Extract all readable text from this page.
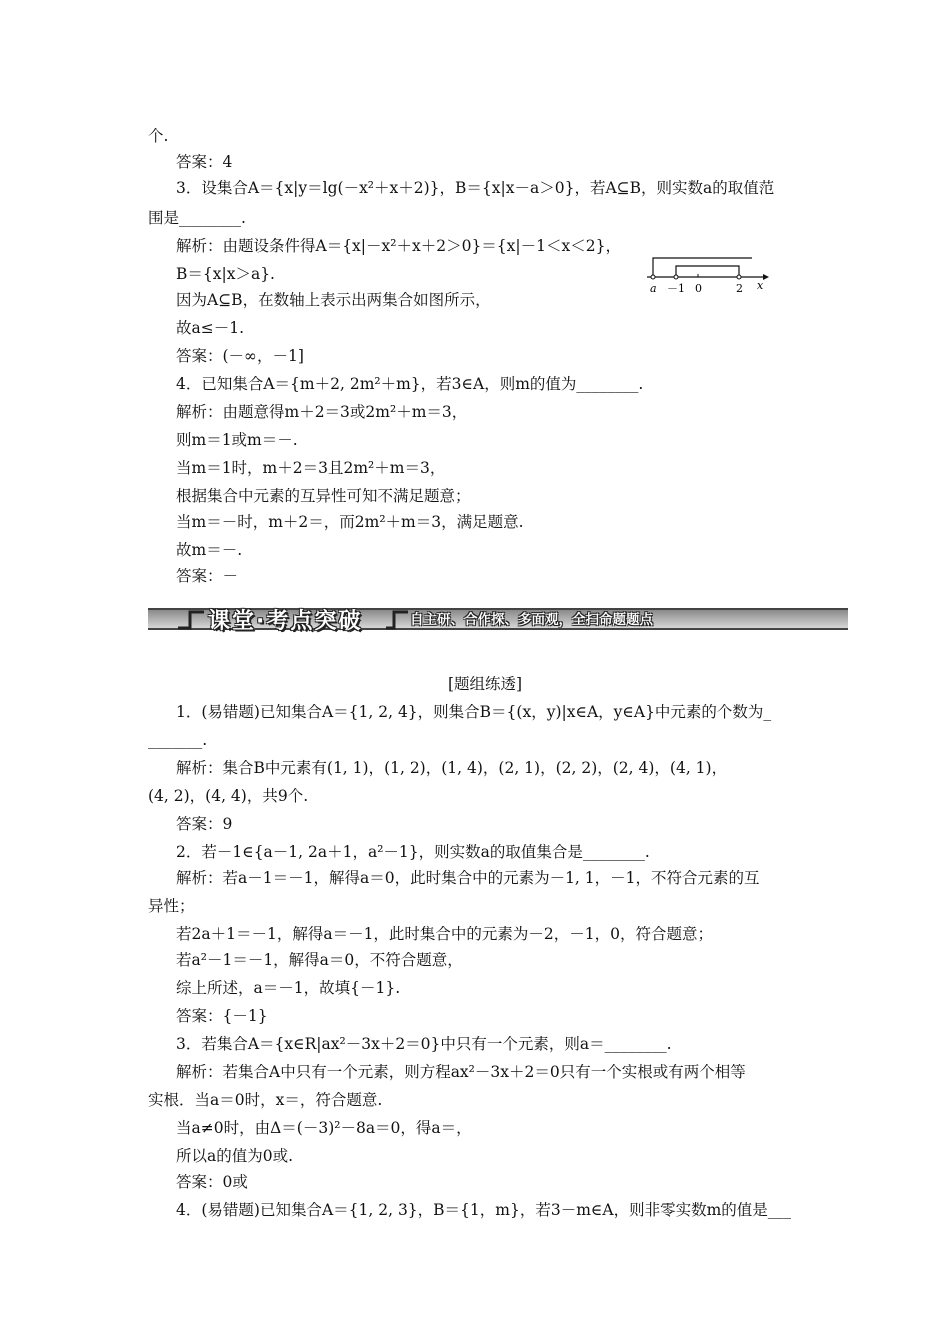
个.
答案：4
3．设集合A＝{x|y＝lg(－x²＋x＋2)}，B＝{x|x－a＞0}，若A⊆B，则实数a的取值范
围是________.
解析：由题设条件得A＝{x|－x²＋x＋2＞0}＝{x|－1＜x＜2}，
B＝{x|x＞a}.
因为A⊆B，在数轴上表示出两集合如图所示，
故a≤－1.
答案：(－∞，－1]
4．已知集合A＝{m＋2, 2m²＋m}，若3∈A，则m的值为________.
解析：由题意得m＋2＝3或2m²＋m＝3，
则m＝1或m＝－.
当m＝1时，m＋2＝3且2m²＋m＝3，
根据集合中元素的互异性可知不满足题意；
当m＝－时，m＋2＝，而2m²＋m＝3，满足题意.
故m＝－.
答案：－
a －1 0	2 x
课堂·考点突破	自主研、合作探、多面观，全扫命题题点
[题组练透]
1．(易错题)已知集合A＝{1, 2, 4}，则集合B＝{(x，y)|x∈A，y∈A}中元素的个数为_
_______.
解析：集合B中元素有(1, 1)，(1, 2)，(1, 4)，(2, 1)，(2, 2)，(2, 4)，(4, 1)，
(4, 2)，(4, 4)，共9个.
答案：9
2．若－1∈{a－1, 2a＋1，a²－1}，则实数a的取值集合是________.
解析：若a－1＝－1，解得a＝0，此时集合中的元素为－1, 1，－1，不符合元素的互
异性；
若2a＋1＝－1，解得a＝－1，此时集合中的元素为－2，－1，0，符合题意；
若a²－1＝－1，解得a＝0，不符合题意，
综上所述，a＝－1，故填{－1}.
答案：{－1}
3．若集合A＝{x∈R|ax²－3x＋2＝0}中只有一个元素，则a＝________.
解析：若集合A中只有一个元素，则方程ax²－3x＋2＝0只有一个实根或有两个相等
实根．当a＝0时，x＝，符合题意.
当a≠0时，由Δ＝(－3)²－8a＝0，得a＝，
所以a的值为0或.
答案：0或
4．(易错题)已知集合A＝{1, 2, 3}，B＝{1，m}，若3－m∈A，则非零实数m的值是___
